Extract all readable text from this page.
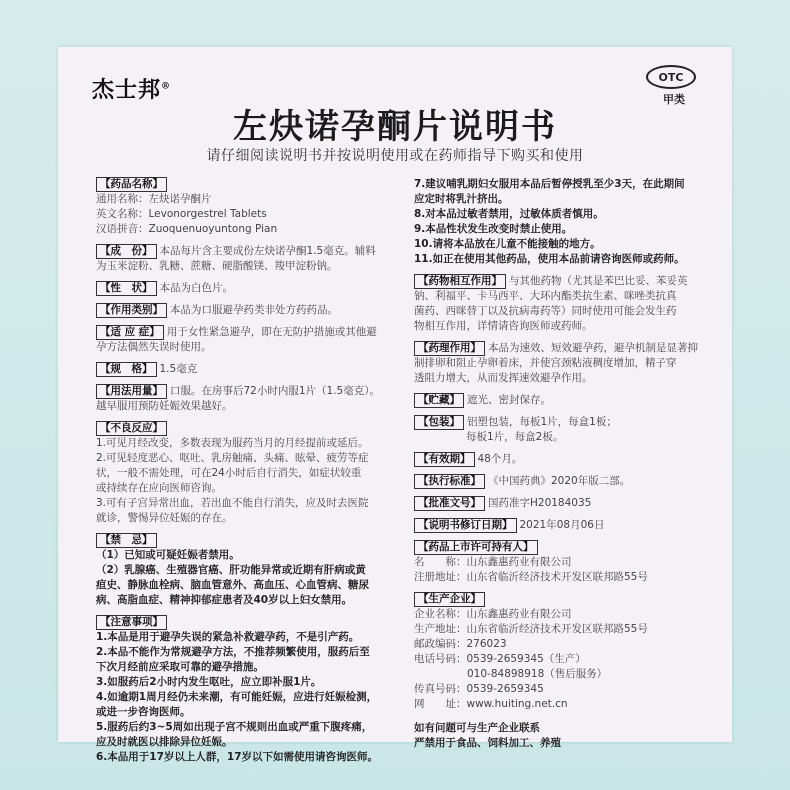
杰士邦®
OTC
甲类
左炔诺孕酮片说明书
请仔细阅读说明书并按说明使用或在药师指导下购买和使用
【药品名称】

通用名称：左炔诺孕酮片

英文名称：Levonorgestrel Tablets

汉语拼音：Zuoquenuoyuntong Pian

【成　份】 本品每片含主要成份左炔诺孕酮1.5毫克。辅料

为玉米淀粉、乳糖、蔗糖、硬脂酸镁、羧甲淀粉钠。

【性　状】 本品为白色片。

【作用类别】 本品为口服避孕药类非处方药药品。

【适 应 症】 用于女性紧急避孕，即在无防护措施或其他避

孕方法偶然失误时使用。

【规　格】 1.5毫克

【用法用量】 口服。在房事后72小时内服1片（1.5毫克）。

越早服用预防妊娠效果越好。

【不良反应】

1.可见月经改变，多数表现为服药当月的月经提前或延后。

2.可见轻度恶心、呕吐、乳房触痛、头痛、眩晕、疲劳等症

状，一般不需处理，可在24小时后自行消失，如症状较重

或持续存在应向医师咨询。

3.可有子宫异常出血，若出血不能自行消失，应及时去医院

就诊，警惕异位妊娠的存在。

【禁　忌】

（1）已知或可疑妊娠者禁用。

（2）乳腺癌、生殖器官癌、肝功能异常或近期有肝病或黄

疸史、静脉血栓病、脑血管意外、高血压、心血管病、糖尿

病、高脂血症、精神抑郁症患者及40岁以上妇女禁用。

【注意事项】

1.本品是用于避孕失误的紧急补救避孕药，不是引产药。

2.本品不能作为常规避孕方法，不推荐频繁使用，服药后至

下次月经前应采取可靠的避孕措施。

3.如服药后2小时内发生呕吐，应立即补服1片。

4.如逾期1周月经仍未来潮，有可能妊娠，应进行妊娠检测，

或进一步咨询医师。

5.服药后约3~5周如出现子宫不规则出血或严重下腹疼痛，

应及时就医以排除异位妊娠。

6.本品用于17岁以上人群，17岁以下如需使用请咨询医师。

7.建议哺乳期妇女服用本品后暂停授乳至少3天，在此期间

应定时将乳汁挤出。

8.对本品过敏者禁用，过敏体质者慎用。

9.本品性状发生改变时禁止使用。

10.请将本品放在儿童不能接触的地方。

11.如正在使用其他药品，使用本品前请咨询医师或药师。

【药物相互作用】 与其他药物（尤其是苯巴比妥、苯妥英

钠、利福平、卡马西平、大环内酯类抗生素、咪唑类抗真

菌药、西咪替丁以及抗病毒药等）同时使用可能会发生药

物相互作用，详情请咨询医师或药师。

【药理作用】 本品为速效、短效避孕药，避孕机制是显著抑

制排卵和阻止孕卵着床，并使宫颈粘液稠度增加，精子穿

透阻力增大，从而发挥速效避孕作用。

【贮藏】 遮光、密封保存。

【包装】 铝塑包装，每板1片，每盒1板；

每板1片，每盒2板。

【有效期】 48个月。

【执行标准】 《中国药典》2020年版二部。

【批准文号】 国药准字H20184035

【说明书修订日期】 2021年08月06日

【药品上市许可持有人】

名　　称：山东鑫惠药业有限公司

注册地址：山东省临沂经济技术开发区联邦路55号

【生产企业】

企业名称：山东鑫惠药业有限公司

生产地址：山东省临沂经济技术开发区联邦路55号

邮政编码：276023

电话号码：0539-2659345（生产）

010-84898918（售后服务）

传真号码：0539-2659345

网　　址：www.huiting.net.cn

如有问题可与生产企业联系

严禁用于食品、饲料加工、养殖
